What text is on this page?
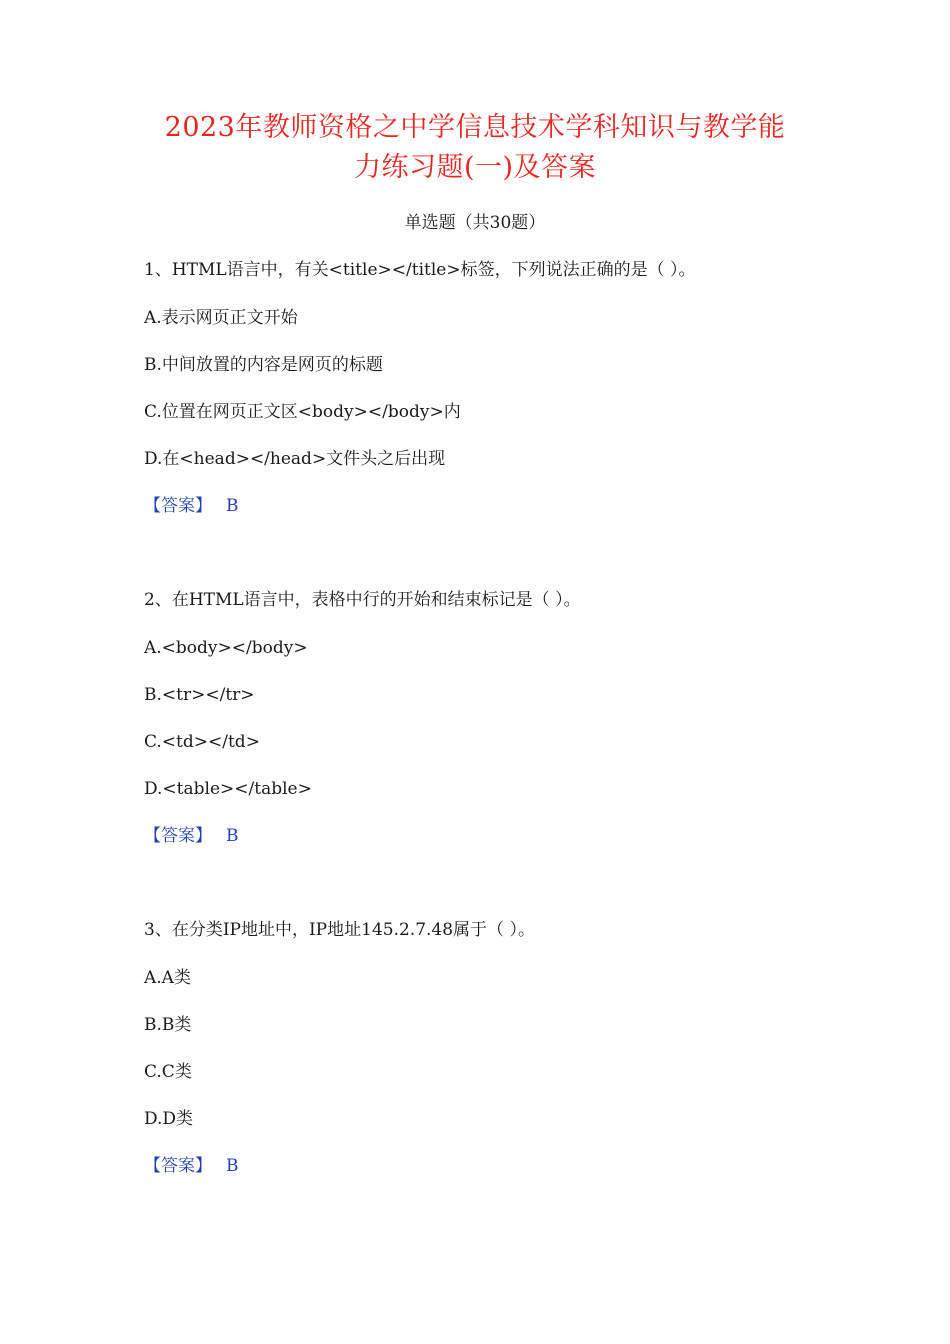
2023年教师资格之中学信息技术学科知识与教学能
力练习题(一)及答案
单选题（共30题）
1、HTML语言中，有关<title></title>标签，下列说法正确的是（ ）。
A.表示网页正文开始
B.中间放置的内容是网页的标题
C.位置在网页正文区<body></body>内
D.在<head></head>文件头之后出现
【答案】 B
2、在HTML语言中，表格中行的开始和结束标记是（ ）。
A.<body></body>
B.<tr></tr>
C.<td></td>
D.<table></table>
【答案】 B
3、在分类IP地址中，IP地址145.2.7.48属于（ ）。
A.A类
B.B类
C.C类
D.D类
【答案】 B
